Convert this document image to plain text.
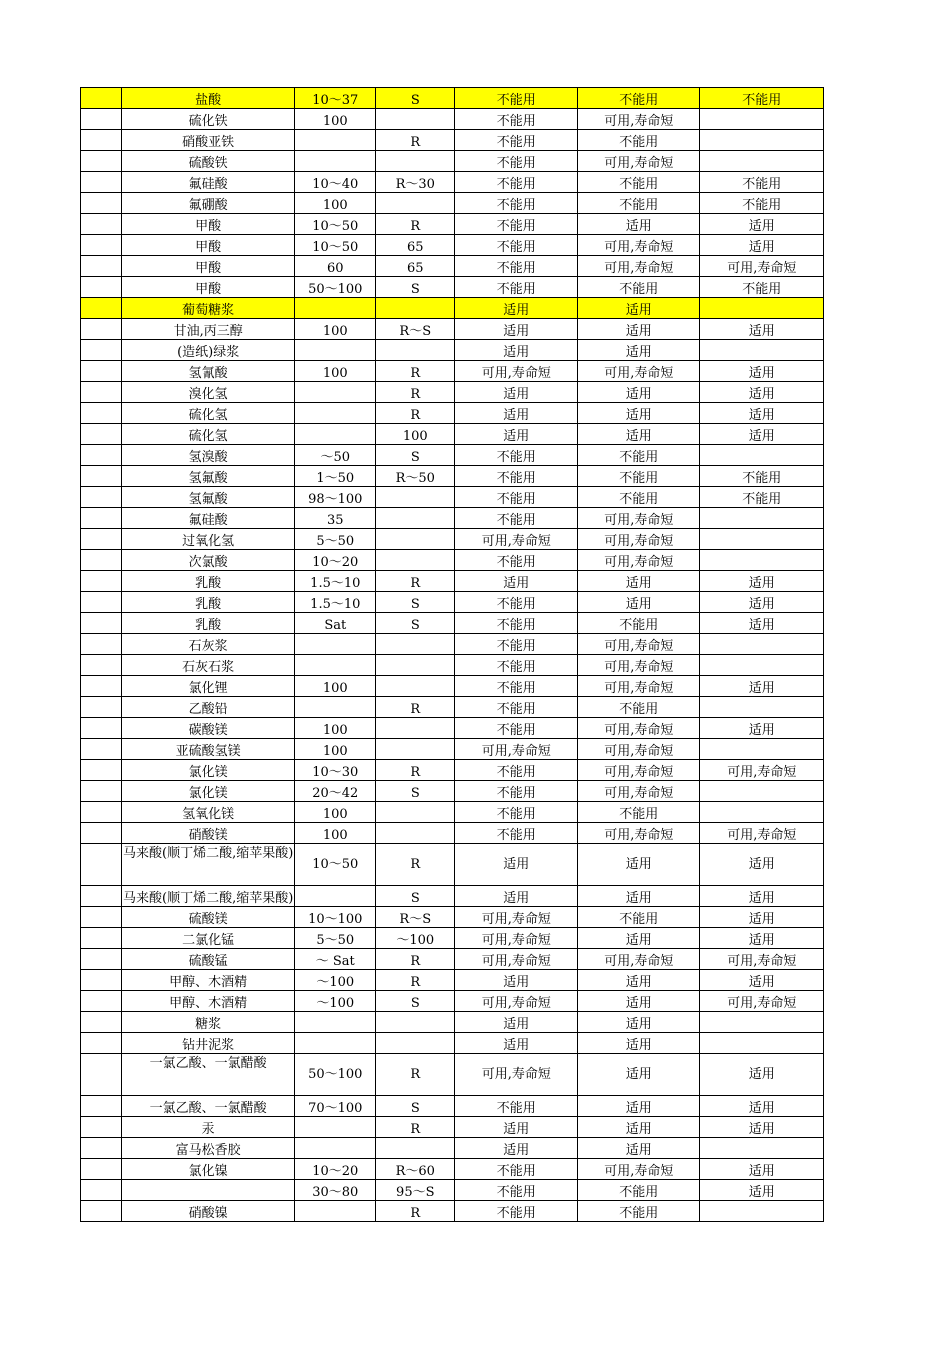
	盐酸	10～37	S	不能用	不能用	不能用
	硫化铁	100		不能用	可用,寿命短	
	硝酸亚铁		R	不能用	不能用	
	硫酸铁			不能用	可用,寿命短	
	氟硅酸	10～40	R～30	不能用	不能用	不能用
	氟硼酸	100		不能用	不能用	不能用
	甲酸	10～50	R	不能用	适用	适用
	甲酸	10～50	65	不能用	可用,寿命短	适用
	甲酸	60	65	不能用	可用,寿命短	可用,寿命短
	甲酸	50～100	S	不能用	不能用	不能用
	葡萄糖浆			适用	适用	
	甘油,丙三醇	100	R～S	适用	适用	适用
	(造纸)绿浆			适用	适用	
	氢氰酸	100	R	可用,寿命短	可用,寿命短	适用
	溴化氢		R	适用	适用	适用
	硫化氢		R	适用	适用	适用
	硫化氢		100	适用	适用	适用
	氢溴酸	～50	S	不能用	不能用	
	氢氟酸	1～50	R～50	不能用	不能用	不能用
	氢氟酸	98～100		不能用	不能用	不能用
	氟硅酸	35		不能用	可用,寿命短	
	过氧化氢	5～50		可用,寿命短	可用,寿命短	
	次氯酸	10～20		不能用	可用,寿命短	
	乳酸	1.5～10	R	适用	适用	适用
	乳酸	1.5～10	S	不能用	适用	适用
	乳酸	Sat	S	不能用	不能用	适用
	石灰浆			不能用	可用,寿命短	
	石灰石浆			不能用	可用,寿命短	
	氯化锂	100		不能用	可用,寿命短	适用
	乙酸铅		R	不能用	不能用	
	碳酸镁	100		不能用	可用,寿命短	适用
	亚硫酸氢镁	100		可用,寿命短	可用,寿命短	
	氯化镁	10～30	R	不能用	可用,寿命短	可用,寿命短
	氯化镁	20～42	S	不能用	可用,寿命短	
	氢氧化镁	100		不能用	不能用	
	硝酸镁	100		不能用	可用,寿命短	可用,寿命短
	马来酸(顺丁烯二酸,缩苹果酸)	10～50	R	适用	适用	适用
	马来酸(顺丁烯二酸,缩苹果酸)		S	适用	适用	适用
	硫酸镁	10～100	R～S	可用,寿命短	不能用	适用
	二氯化锰	5～50	～100	可用,寿命短	适用	适用
	硫酸锰	～ Sat	R	可用,寿命短	可用,寿命短	可用,寿命短
	甲醇、木酒精	～100	R	适用	适用	适用
	甲醇、木酒精	～100	S	可用,寿命短	适用	可用,寿命短
	糖浆			适用	适用	
	钻井泥浆			适用	适用	
	一氯乙酸、一氯醋酸	50～100	R	可用,寿命短	适用	适用
	一氯乙酸、一氯醋酸	70～100	S	不能用	适用	适用
	汞		R	适用	适用	适用
	富马松香胶			适用	适用	
	氯化镍	10～20	R～60	不能用	可用,寿命短	适用
		30～80	95～S	不能用	不能用	适用
	硝酸镍		R	不能用	不能用	
